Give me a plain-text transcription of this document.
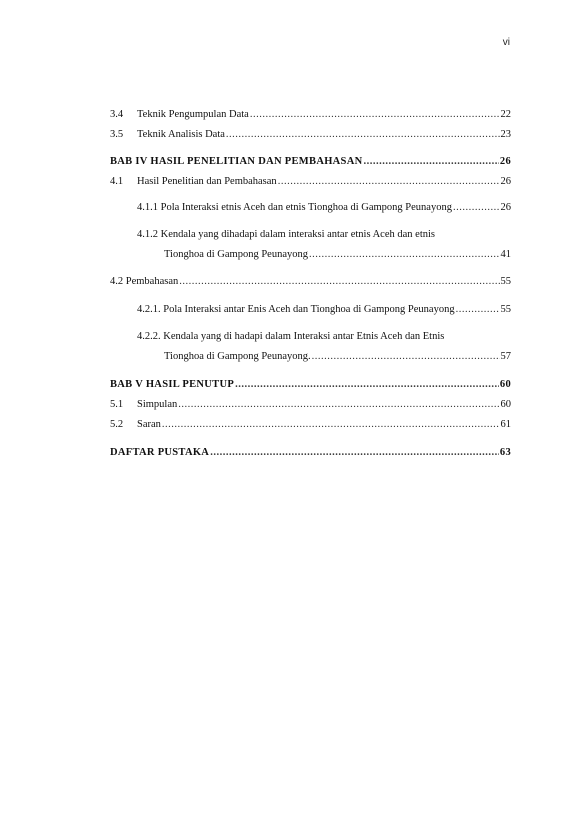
vi
3.4	Teknik Pengumpulan Data .....	22
3.5	Teknik Analisis Data .....	23
BAB IV HASIL PENELITIAN DAN PEMBAHASAN .....	26
4.1	Hasil Penelitian dan Pembahasan .....	26
4.1.1 Pola Interaksi etnis Aceh dan etnis Tionghoa di Gampong Peunayong .....	26
4.1.2 Kendala yang dihadapi dalam interaksi antar etnis Aceh dan etnis
Tionghoa di Gampong Peunayong .....	41
4.2 Pembahasan .....	55
4.2.1. Pola Interaksi antar Enis Aceh dan Tionghoa di Gampong Peunayong .....	55
4.2.2. Kendala yang di hadapi dalam Interaksi antar Etnis Aceh dan Etnis
Tionghoa di Gampong Peunayong. .....	57
BAB V HASIL PENUTUP .....	60
5.1	Simpulan .....	60
5.2	Saran .....	61
DAFTAR PUSTAKA .....	63
